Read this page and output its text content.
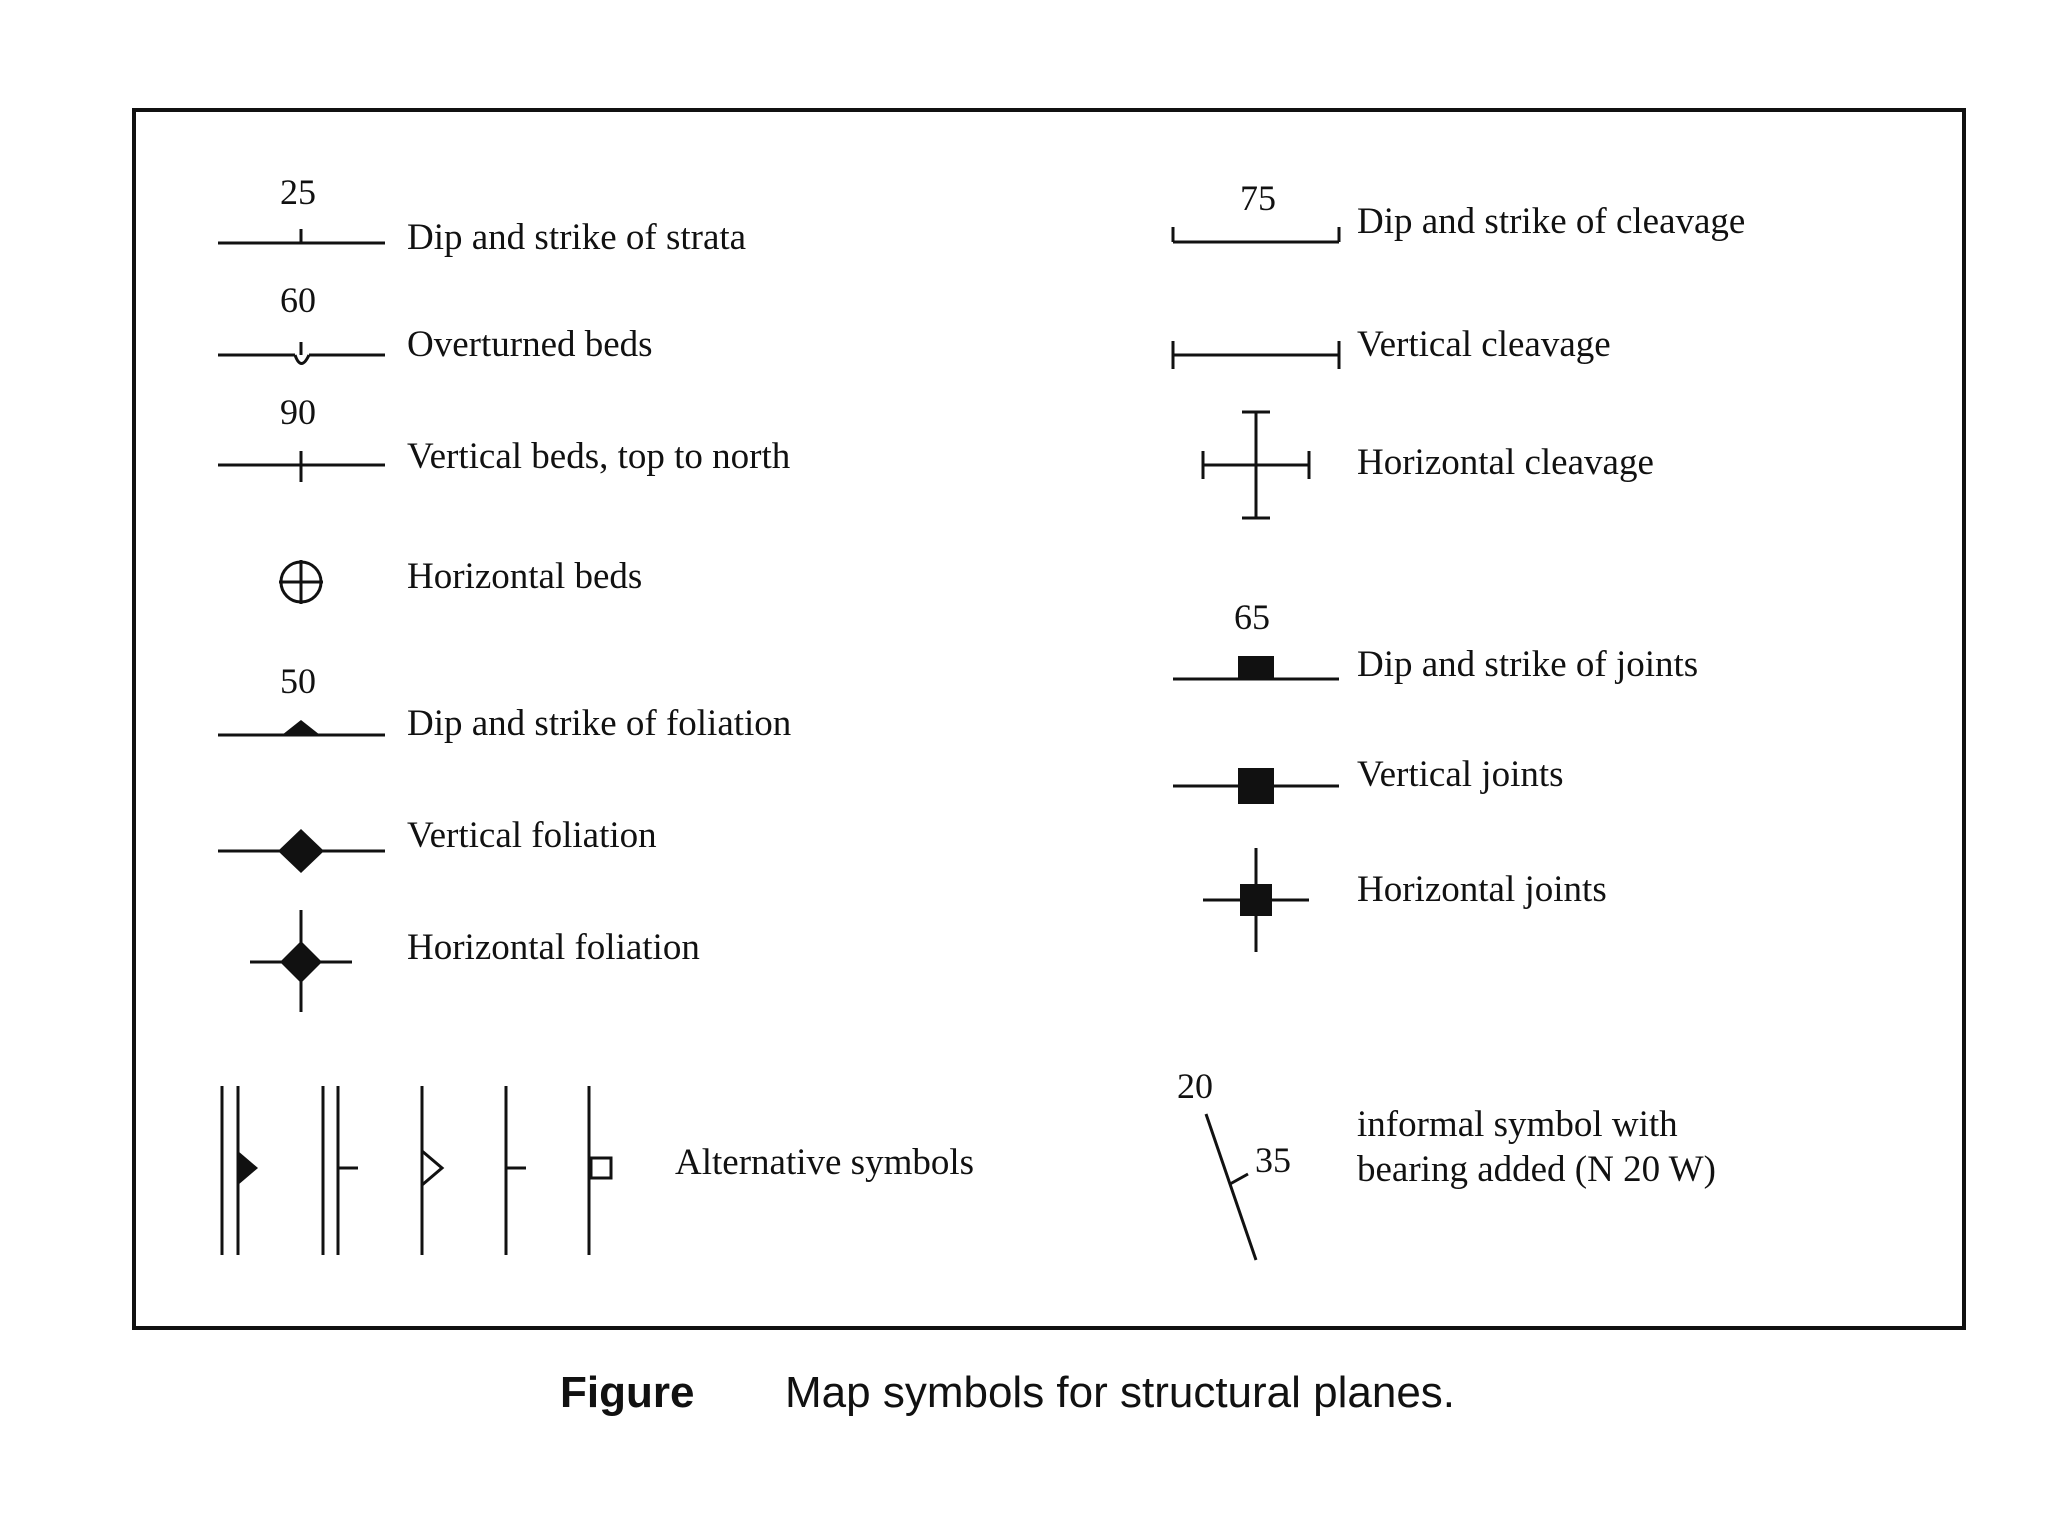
25
Dip and strike of strata
60
Overturned beds
90
Vertical beds, top to north
Horizontal beds
50
Dip and strike of foliation
Vertical foliation
Horizontal foliation
Alternative symbols
75
Dip and strike of cleavage
Vertical cleavage
Horizontal cleavage
65
Dip and strike of joints
Vertical joints
Horizontal joints
20
35
informal symbol with
bearing added (N 20 W)
Figure Map symbols for structural planes.
